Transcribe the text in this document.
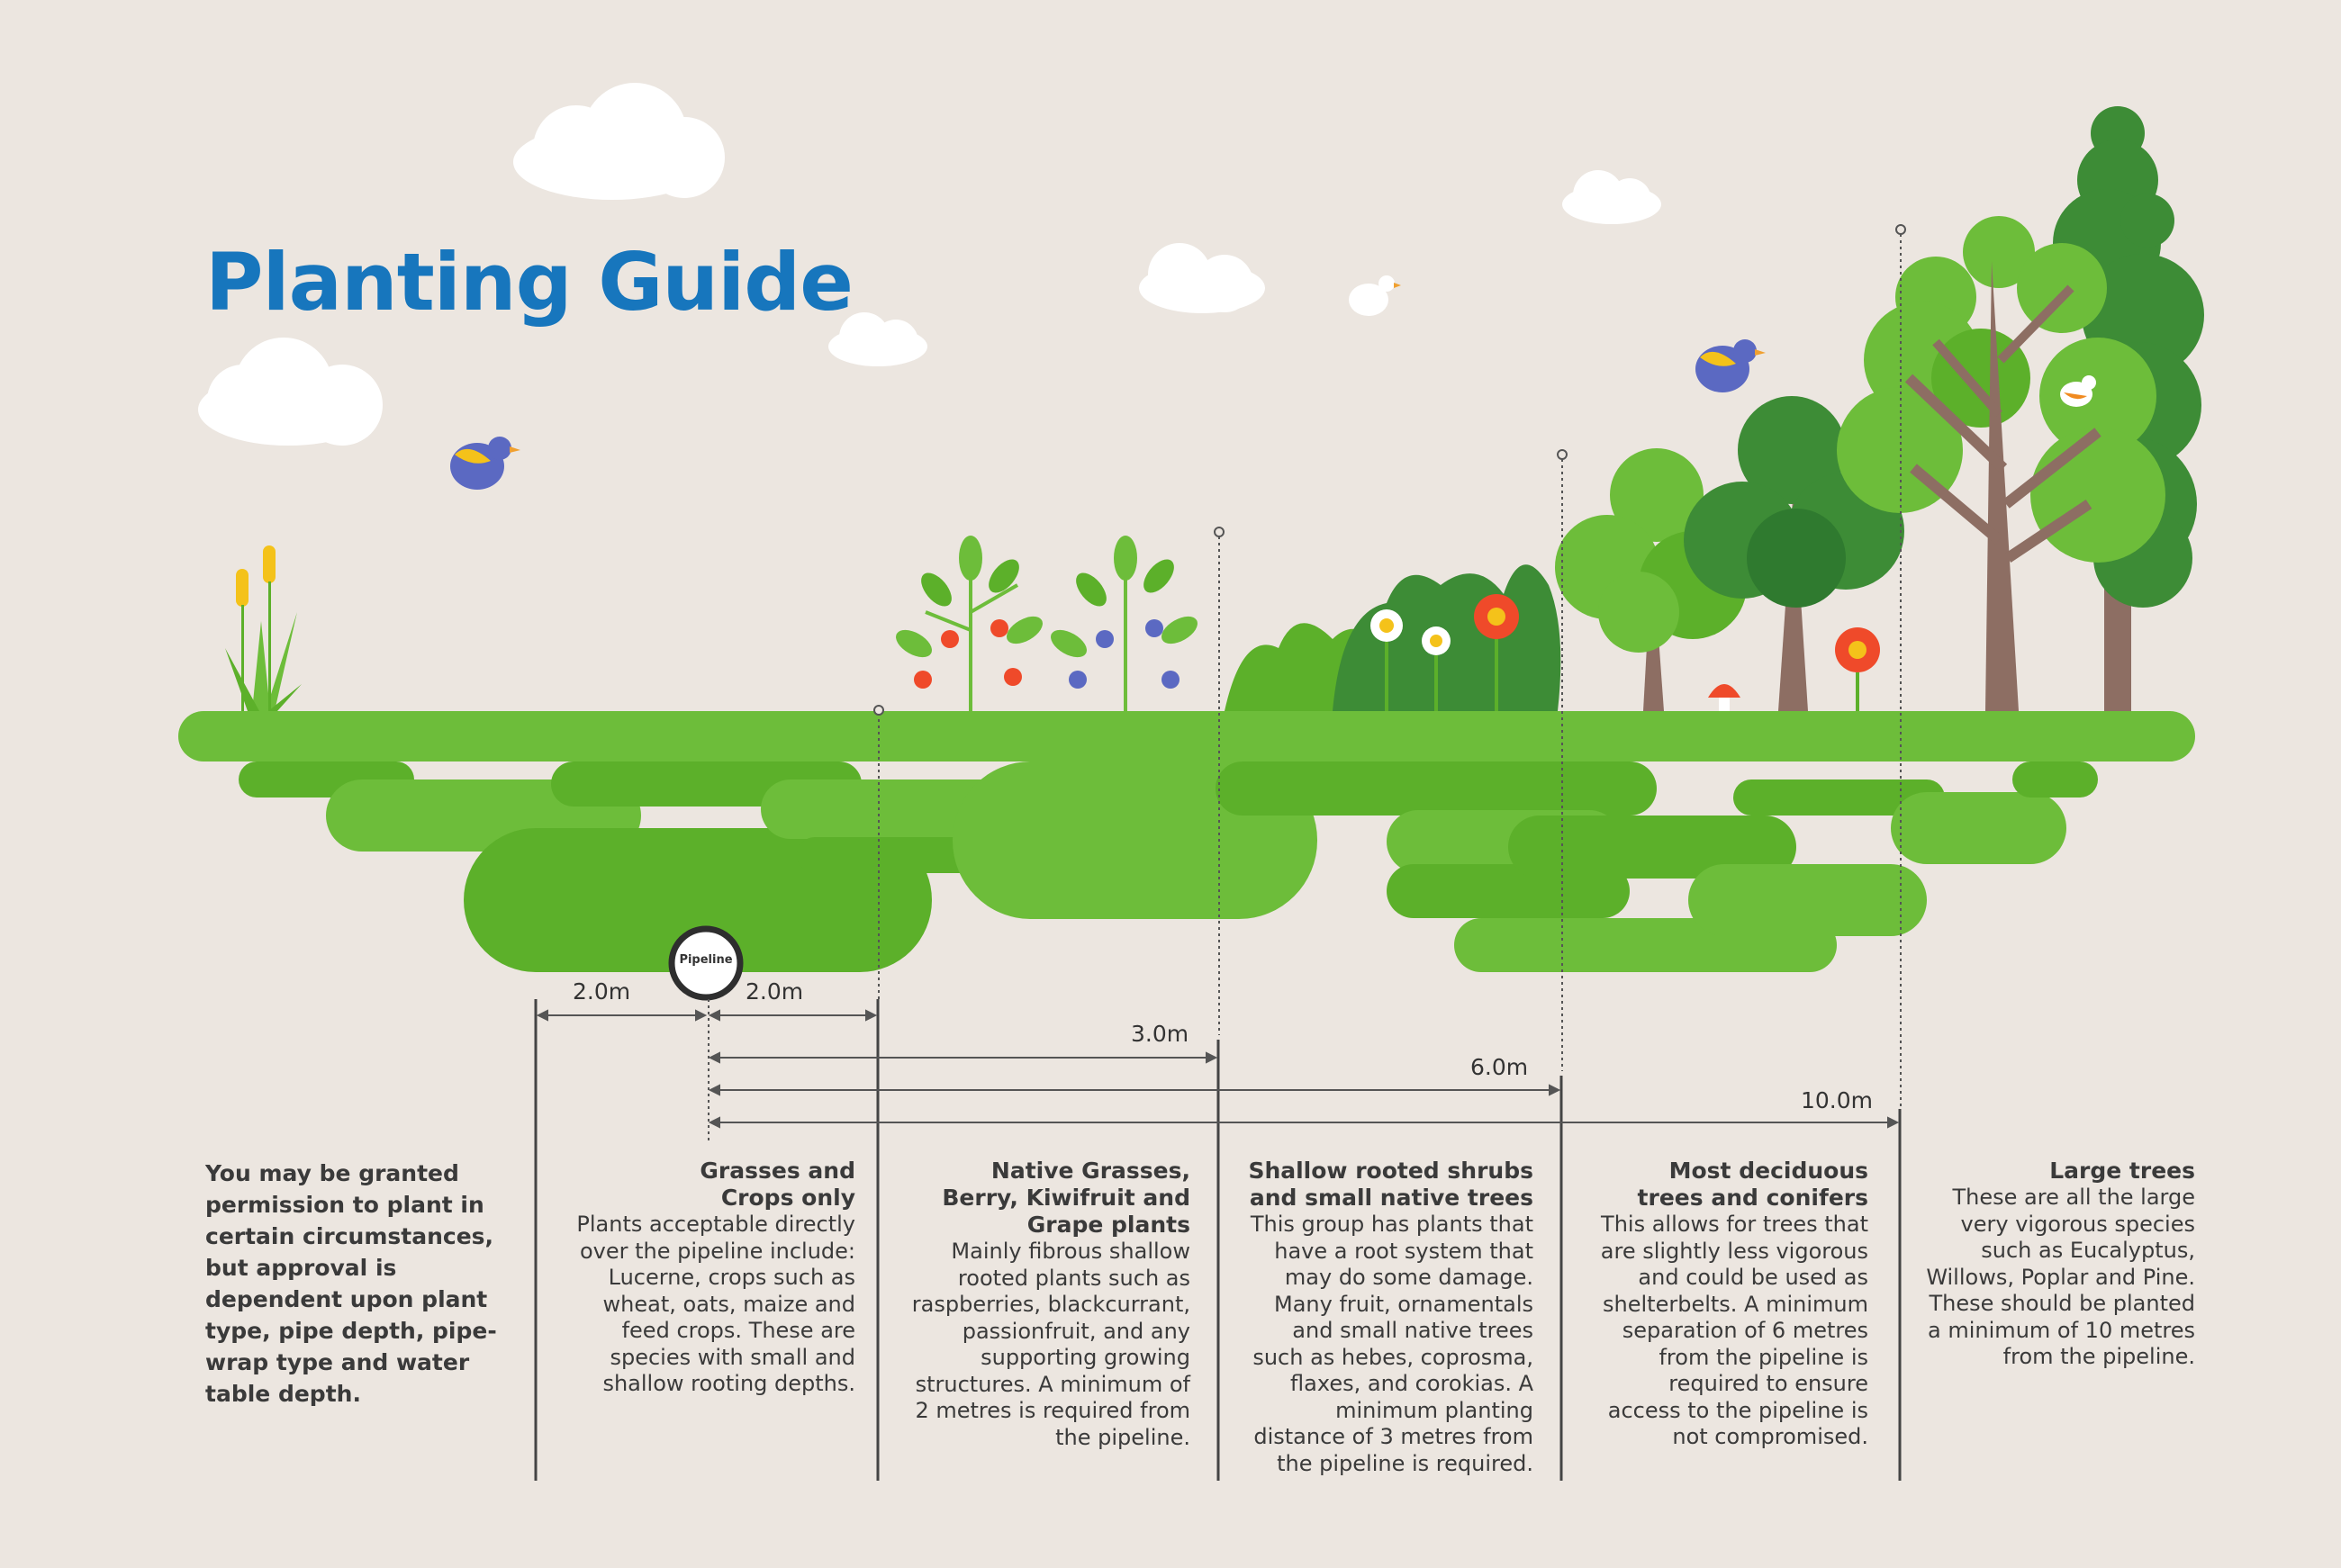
Planting Guide
Pipeline
2.0m	2.0m
3.0m
6.0m
10.0m

You may be granted permission to plant in certain circumstances, but approval is dependent upon plant type, pipe depth, pipe-wrap type and water table depth.

Grasses and Crops only

Plants acceptable directly over the pipeline include: Lucerne, crops such as wheat, oats, maize and feed crops. These are species with small and shallow rooting depths.

Native Grasses, Berry, Kiwifruit and Grape plants

Mainly fibrous shallow rooted plants such as raspberries, blackcurrant, passionfruit, and any supporting growing structures. A minimum of 2 metres is required from the pipeline.

Shallow rooted shrubs and small native trees

This group has plants that have a root system that may do some damage. Many fruit, ornamentals and small native trees such as hebes, coprosma, flaxes, and corokias. A minimum planting distance of 3 metres from the pipeline is required.

Most deciduous trees and conifers

This allows for trees that are slightly less vigorous and could be used as shelterbelts. A minimum separation of 6 metres from the pipeline is required to ensure access to the pipeline is not compromised.

Large trees

These are all the large very vigorous species such as Eucalyptus, Willows, Poplar and Pine. These should be planted a minimum of 10 metres from the pipeline.
